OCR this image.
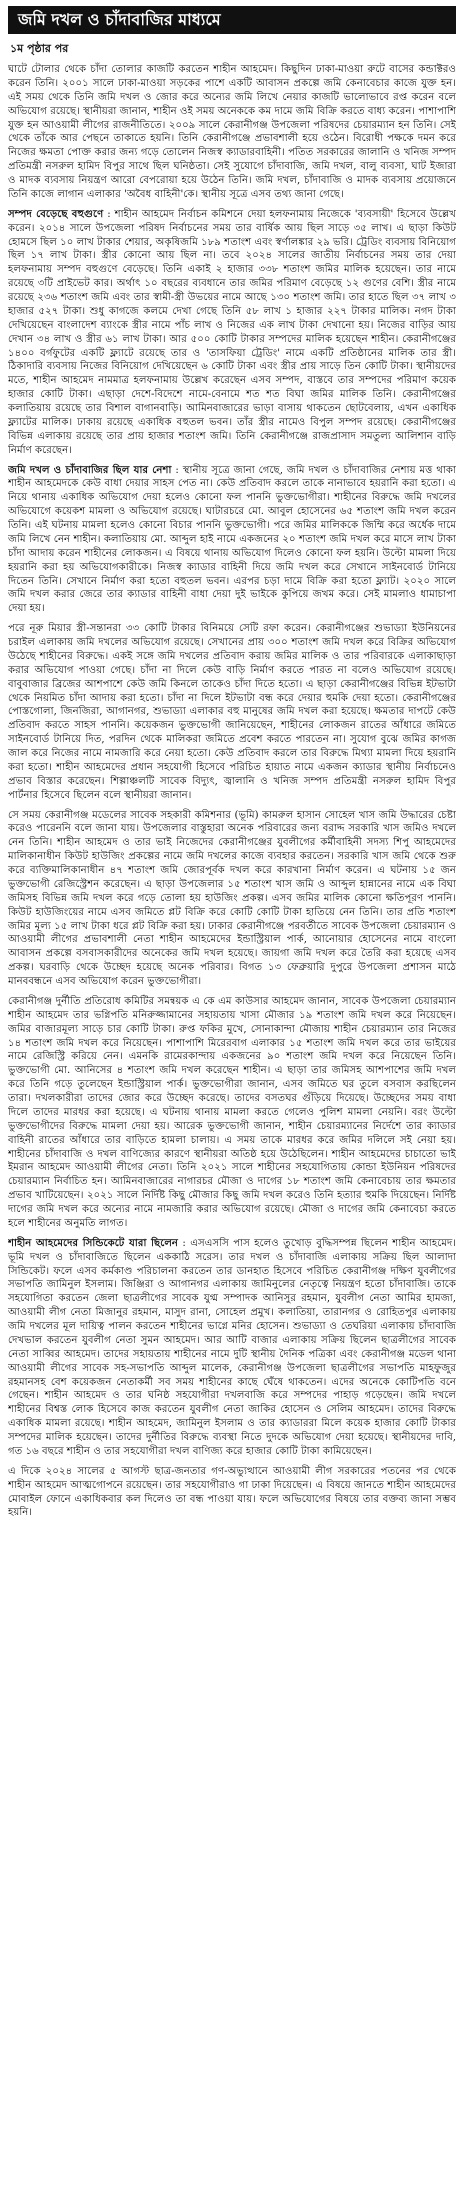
জমি দখল ও চাঁদাবাজির মাধ্যমে
১ম পৃষ্ঠার পর

ঘাটে টোলার থেকে চাঁদা তোলার কাজটি করতেন শাহীন আহমেদ। কিছুদিন ঢাকা-মাওয়া রুটে বাসের কন্ডাক্টরও করেন তিনি। ২০০১ সালে ঢাকা-মাওয়া সড়কের পাশে একটি আবাসন প্রকল্পে জমি কেনাবেচার কাজে যুক্ত হন। এই সময় থেকে তিনি জমি দখল ও জোর করে অন্যের জমি লিখে নেয়ার কাজটি ভালোভাবে রপ্ত করেন বলে অভিযোগ রয়েছে। স্থানীয়রা জানান, শাহীন ওই সময় অনেককে কম দামে জমি বিক্রি করতে বাধ্য করেন। পাশাপাশি যুক্ত হন আওয়ামী লীগের রাজনীতিতে। ২০০৯ সালে কেরানীগঞ্জ উপজেলা পরিষদের চেয়ারম্যান হন তিনি। সেই থেকে তাঁকে আর পেছনে তাকাতে হয়নি। তিনি কেরানীগঞ্জে প্রভাবশালী হয়ে ওঠেন। বিরোধী পক্ষকে দমন করে নিজের ক্ষমতা পোক্ত করার জন্য গড়ে তোলেন নিজস্ব ক্যাডারবাহিনী। পতিত সরকারের জালানি ও খনিজ সম্পদ প্রতিমন্ত্রী নসরুল হামিদ বিপুর সাথে ছিল ঘনিষ্ঠতা। সেই সুযোগে চাঁদাবাজি, জমি দখল, বালু ব্যবসা, ঘাট ইজারা ও মাদক ব্যবসায় নিয়ন্ত্রণ আরো বেপরোয়া হয়ে উঠেন তিনি। জমি দখল, চাঁদাবাজি ও মাদক ব্যবসায় প্রয়োজনে তিনি কাজে লাগান এলাকার 'অবৈধ বাহিনী'কে। স্থানীয় সূত্রে এসব তথ্য জানা গেছে।

সম্পদ বেড়েছে বহুগুণে : শাহীন আহমেদ নির্বাচন কমিশনে দেয়া হলফনামায় নিজেকে 'ব্যবসায়ী' হিসেবে উল্লেখ করেন। ২০১৪ সালে উপজেলা পরিষদ নির্বাচনের সময় তার বার্ষিক আয় ছিল সাড়ে ৩৫ লাখ। এ ছাড়া কিউট হোমসে ছিল ১০ লাখ টাকার শেয়ার, অকৃষিজমি ১৮৯ শতাংশ এবং স্বর্ণালঙ্কার ২৯ ভরি। ট্রেডিং ব্যবসায় বিনিয়োগ ছিল ১৭ লাখ টাকা। স্ত্রীর কোনো আয় ছিল না। তবে ২০২৪ সালের জাতীয় নির্বাচনের সময় তার দেয়া হলফনামায় সম্পদ বহুগুণে বেড়েছে। তিনি একাই ২ হাজার ৩৩৮ শতাংশ জমির মালিক হয়েছেন। তার নামে রয়েছে ৩টি প্রাইভেট কার। অর্থাৎ ১০ বছরের ব্যবধানে তার জমির পরিমাণ বেড়েছে ১২ গুণের বেশি। স্ত্রীর নামে রয়েছে ২৩৬ শতাংশ জমি এবং তার স্বামী-স্ত্রী উভয়ের নামে আছে ১৩০ শতাংশ জমি। তার হাতে ছিল ৩৭ লাখ ৩ হাজার ৫২৭ টাকা। শুধু কাগজে কলমে দেখা গেছে তিনি ৫৮ লাখ ১ হাজার ২২৭ টাকার মালিক। নগদ টাকা দেখিয়েছেন বাংলাদেশ ব্যাংকে স্ত্রীর নামে পাঁচ লাখ ও নিজের এক লাখ টাকা দেখানো হয়। নিজের বাড়ির আয় দেখান ৩৪ লাখ ও স্ত্রীর ৬১ লাখ টাকা। আর ৫০০ কোটি টাকার সম্পদের মালিক হয়েছেন শাহীন। কেরানীগঞ্জের ১৪০০ বর্গফুটের একটি ফ্ল্যাটে রয়েছে তার ও 'তাসফিয়া ট্রেডিং' নামে একটি প্রতিষ্ঠানের মালিক তার স্ত্রী। ঠিকাদারি ব্যবসায় নিজের বিনিয়োগ দেখিয়েছেন ৬ কোটি টাকা এবং স্ত্রীর প্রায় সাড়ে তিন কোটি টাকা। স্থানীয়দের মতে, শাহীন আহমেদ নামমাত্র হলফনামায় উল্লেখ করেছেন এসব সম্পদ, বাস্তবে তার সম্পদের পরিমাণ কয়েক হাজার কোটি টাকা। এছাড়া দেশে-বিদেশে নামে-বেনামে শত শত বিঘা জমির মালিক তিনি। কেরানীগঞ্জের কলাতিয়ায় রয়েছে তার বিশাল বাগানবাড়ি। আমিনবাজারের ভাড়া বাসায় থাকতেন ছোটবেলায়, এখন একাধিক ফ্ল্যাটের মালিক। ঢাকায় রয়েছে একাধিক বহুতল ভবন। তাঁর স্ত্রীর নামেও বিপুল সম্পদ রয়েছে। কেরানীগঞ্জের বিভিন্ন এলাকায় রয়েছে তার প্রায় হাজার শতাংশ জমি। তিনি কেরানীগঞ্জে রাজপ্রাসাদ সমতুল্য আলিশান বাড়ি নির্মাণ করেছেন।

জমি দখল ও চাঁদাবাজির ছিল যার নেশা : স্থানীয় সূত্রে জানা গেছে, জমি দখল ও চাঁদাবাজির নেশায় মত্ত থাকা শাহীন আহমেদকে কেউ বাধা দেয়ার সাহস পেত না। কেউ প্রতিবাদ করলে তাকে নানাভাবে হয়রানি করা হতো। এ নিয়ে থানায় একাধিক অভিযোগ দেয়া হলেও কোনো ফল পাননি ভুক্তভোগীরা। শাহীনের বিরুদ্ধে জমি দখলের অভিযোগে কয়েকশ মামলা ও অভিযোগ রয়েছে। ঘাটারচরে মো. আবুল হোসেনের ৬৫ শতাংশ জমি দখল করেন তিনি। এই ঘটনায় মামলা হলেও কোনো বিচার পাননি ভুক্তভোগী। পরে জমির মালিককে জিম্মি করে অর্ধেক দামে জমি লিখে নেন শাহীন। কলাতিয়ায় মো. আব্দুল হাই নামে একজনের ২০ শতাংশ জমি দখল করে মাসে লাখ টাকা চাঁদা আদায় করেন শাহীনের লোকজন। এ বিষয়ে থানায় অভিযোগ দিলেও কোনো ফল হয়নি। উল্টো মামলা দিয়ে হয়রানি করা হয় অভিযোগকারীকে। নিজস্ব ক্যাডার বাহিনী দিয়ে জমি দখল করে সেখানে সাইনবোর্ড টানিয়ে দিতেন তিনি। সেখানে নির্মাণ করা হতো বহুতল ভবন। এরপর চড়া দামে বিক্রি করা হতো ফ্ল্যাট। ২০২০ সালে জমি দখল করার জেরে তার ক্যাডার বাহিনী বাধা দেয়া দুই ভাইকে কুপিয়ে জখম করে। সেই মামলাও ধামাচাপা দেয়া হয়।

পরে নূরু মিয়ার স্ত্রী-সন্তানরা ৩৩ কোটি টাকার বিনিময়ে সেটি রফা করেন। কেরানীগঞ্জের শুভাড্যা ইউনিয়নের চরাইল এলাকায় জমি দখলের অভিযোগ রয়েছে। সেখানের প্রায় ৩০০ শতাংশ জমি দখল করে বিক্রির অভিযোগ উঠেছে শাহীনের বিরুদ্ধে। একই সঙ্গে জমি দখলের প্রতিবাদ করায় জমির মালিক ও তার পরিবারকে এলাকাছাড়া করার অভিযোগ পাওয়া গেছে। চাঁদা না দিলে কেউ বাড়ি নির্মাণ করতে পারত না বলেও অভিযোগ রয়েছে। বাবুবাজার ব্রিজের আশপাশে কেউ জমি কিনলে তাকেও চাঁদা দিতে হতো। এ ছাড়া কেরানীগঞ্জের বিভিন্ন ইটভাটা থেকে নিয়মিত চাঁদা আদায় করা হতো। চাঁদা না দিলে ইটভাটা বন্ধ করে দেয়ার হুমকি দেয়া হতো। কেরানীগঞ্জের পোস্তগোলা, জিনজিরা, আগানগর, শুভাড্যা এলাকার বহু মানুষের জমি দখল করা হয়েছে। ক্ষমতার দাপটে কেউ প্রতিবাদ করতে সাহস পাননি। কয়েকজন ভুক্তভোগী জানিয়েছেন, শাহীনের লোকজন রাতের আঁধারে জমিতে সাইনবোর্ড টানিয়ে দিত, পরদিন থেকে মালিকরা জমিতে প্রবেশ করতে পারতেন না। সুযোগ বুঝে জমির কাগজ জাল করে নিজের নামে নামজারি করে নেয়া হতো। কেউ প্রতিবাদ করলে তার বিরুদ্ধে মিথ্যা মামলা দিয়ে হয়রানি করা হতো। শাহীন আহমেদের প্রধান সহযোগী হিসেবে পরিচিত হায়াত নামে একজন ক্যাডার স্থানীয় নির্বাচনেও প্রভাব বিস্তার করেছেন। শিল্পাঞ্চলটি সাবেক বিদ্যুৎ, জ্বালানি ও খনিজ সম্পদ প্রতিমন্ত্রী নসরুল হামিদ বিপুর পার্টনার হিসেবে ছিলেন বলে স্থানীয়রা জানান।

সে সময় কেরানীগঞ্জ মডেলের সাবেক সহকারী কমিশনার (ভূমি) কামরুল হাসান সোহেল খাস জমি উদ্ধারের চেষ্টা করেও পারেননি বলে জানা যায়। উপজেলার বাস্তুহারা অনেক পরিবারের জন্য বরাদ্দ সরকারি খাস জমিও দখলে নেন তিনি। শাহীন আহমেদ ও তার ভাই নিজেদের কেরানীগঞ্জের যুবলীগের কর্মীবাহিনী সদস্য শিপু আহমেদের মালিকানাধীন কিউট হাউজিং প্রকল্পের নামে জমি দখলের কাজে ব্যবহার করতেন। সরকারি খাস জমি থেকে শুরু করে ব্যক্তিমালিকানাধীন ৪৭ শতাংশ জমি জোরপূর্বক দখল করে কারখানা নির্মাণ করেন। এ ঘটনায় ১৫ জন ভুক্তভোগী রেজিস্ট্রেশন করেছেন। এ ছাড়া উপজেলার ১৫ শতাংশ খাস জমি ও আব্দুল হান্নানের নামে এক বিঘা জমিসহ বিভিন্ন জমি দখল করে গড়ে তোলা হয় হাউজিং প্রকল্প। এসব জমির মালিক কোনো ক্ষতিপূরণ পাননি। কিউট হাউজিংয়ের নামে এসব জমিতে প্লট বিক্রি করে কোটি কোটি টাকা হাতিয়ে নেন তিনি। তার প্রতি শতাংশ জমির মূল্য ১৫ লাখ টাকা ধরে প্লট বিক্রি করা হয়। ঢাকার কেরানীগঞ্জে পরবর্তীতে সাবেক উপজেলা চেয়ারম্যান ও আওয়ামী লীগের প্রভাবশালী নেতা শাহীন আহমেদের ইন্ডাস্ট্রিয়াল পার্ক, আনোয়ার হোসেনের নামে বাংলো আবাসন প্রকল্পে বসবাসকারীদের অনেকের জমি দখল হয়েছে। জায়গা জমি দখল করে তৈরি করা হয়েছে এসব প্রকল্প। ঘরবাড়ি থেকে উচ্ছেদ হয়েছে অনেক পরিবার। বিগত ১৩ ফেব্রুয়ারি দুপুরে উপজেলা প্রশাসন মাঠে মানববন্ধনে এসব অভিযোগ করেন ভুক্তভোগীরা।

কেরানীগঞ্জ দুর্নীতি প্রতিরোধ কমিটির সমন্বয়ক এ কে এম কাউসার আহমেদ জানান, সাবেক উপজেলা চেয়ারম্যান শাহীন আহমেদ তার ভগ্নিপতি মনিরুজ্জামানের সহায়তায় খাসা মৌজার ১৯ শতাংশ জমি দখল করে নিয়েছেন। জমির বাজারমূল্য সাড়ে চার কোটি টাকা। রুপ্ত ফকির মুখে, সোনাকান্দা মৌজায় শাহীন চেয়ারম্যান তার নিজের ১৪ শতাংশ জমি দখল করে নিয়েছেন। পাশাপাশি মিরেরবাগ এলাকার ১৫ শতাংশ জমি দখল করে তার ভাইয়ের নামে রেজিস্ট্রি করিয়ে নেন। এমনকি রামেরকান্দায় একজনের ৯০ শতাংশ জমি দখল করে নিয়েছেন তিনি। ভুক্তভোগী মো. আনিসের ৪ শতাংশ জমি দখল করেছেন শাহীন। এ ছাড়া তার জমিসহ আশপাশের জমি দখল করে তিনি গড়ে তুলেছেন ইন্ডাস্ট্রিয়াল পার্ক। ভুক্তভোগীরা জানান, এসব জমিতে ঘর তুলে বসবাস করছিলেন তারা। দখলকারীরা তাদের জোর করে উচ্ছেদ করেছে। তাদের বসতঘর গুঁড়িয়ে দিয়েছে। উচ্ছেদের সময় বাধা দিলে তাদের মারধর করা হয়েছে। এ ঘটনায় থানায় মামলা করতে গেলেও পুলিশ মামলা নেয়নি। বরং উল্টো ভুক্তভোগীদের বিরুদ্ধে মামলা দেয়া হয়। আরেক ভুক্তভোগী জানান, শাহীন চেয়ারম্যানের নির্দেশে তার ক্যাডার বাহিনী রাতের আঁধারে তার বাড়িতে হামলা চালায়। এ সময় তাকে মারধর করে জমির দলিলে সই নেয়া হয়। শাহীনের চাঁদাবাজি ও দখল বাণিজ্যের কারণে স্থানীয়রা অতিষ্ঠ হয়ে উঠেছিলেন। শাহীন আহমেদের চাচাতো ভাই ইমরান আহমেদ আওয়ামী লীগের নেতা। তিনি ২০২১ সালে শাহীনের সহযোগিতায় কোন্ডা ইউনিয়ন পরিষদের চেয়ারম্যান নির্বাচিত হন। আমিনবাজারের নাগারচর মৌজা ও দাগের ১৮ শতাংশ জমি কেনাবেচায় তার ক্ষমতার প্রভাব খাটিয়েছেন। ২০২১ সালে নির্দিষ্ট কিছু মৌজার কিছু জমি দখল করেও তিনি হত্যার হুমকি দিয়েছেন। নির্দিষ্ট দাগের জমি দখল করে অন্যের নামে নামজারি করার অভিযোগ রয়েছে। মৌজা ও দাগের জমি কেনাবেচা করতে হলে শাহীনের অনুমতি লাগত।

শাহীন আহমেদের সিন্ডিকেটে যারা ছিলেন : এসএসসি পাস হলেও তুখোড় বুদ্ধিসম্পন্ন ছিলেন শাহীন আহমেদ। ভূমি দখল ও চাঁদাবাজিতে ছিলেন এককাঠি সরেস। তার দখল ও চাঁদাবাজি এলাকায় সক্রিয় ছিল আলাদা সিন্ডিকেট। ফলে এসব কর্মকাণ্ড পরিচালনা করতেন তার ডানহাত হিসেবে পরিচিত কেরানীগঞ্জ দক্ষিণ যুবলীগের সভাপতি জামিনুল ইসলাম। জিঞ্জিরা ও আগানগর এলাকায় জামিনুলের নেতৃত্বে নিয়ন্ত্রণ হতো চাঁদাবাজি। তাকে সহযোগিতা করতেন জেলা ছাত্রলীগের সাবেক যুগ্ম সম্পাদক আনিসুর রহমান, যুবলীগ নেতা আমির হামজা, আওয়ামী লীগ নেতা মিজানুর রহমান, মাসুদ রানা, সোহেল প্রমুখ। কলাতিয়া, তারানগর ও রোহিতপুর এলাকায় জমি দখলের মূল দায়িত্ব পালন করতেন শাহীনের ভাগ্নে মনির হোসেন। শুভাড্যা ও তেঘরিয়া এলাকায় চাঁদাবাজি দেখভাল করতেন যুবলীগ নেতা সুমন আহমেদ। আর আটি বাজার এলাকায় সক্রিয় ছিলেন ছাত্রলীগের সাবেক নেতা সাব্বির আহমেদ। তাদের সহায়তায় শাহীনের নামে দুটি স্থানীয় দৈনিক পত্রিকা এবং কেরানীগঞ্জ মডেল থানা আওয়ামী লীগের সাবেক সহ-সভাপতি আব্দুল মালেক, কেরানীগঞ্জ উপজেলা ছাত্রলীগের সভাপতি মাহফুজুর রহমানসহ বেশ কয়েকজন নেতাকর্মী সব সময় শাহীনের কাছে ঘেঁষে থাকতেন। এদের অনেকে কোটিপতি বনে গেছেন। শাহীন আহমেদ ও তার ঘনিষ্ঠ সহযোগীরা দখলবাজি করে সম্পদের পাহাড় গড়েছেন। জমি দখলে শাহীনের বিশ্বস্ত লোক হিসেবে কাজ করতেন যুবলীগ নেতা জাকির হোসেন ও সেলিম আহমেদ। তাদের বিরুদ্ধে একাধিক মামলা রয়েছে। শাহীন আহমেদ, জামিনুল ইসলাম ও তার ক্যাডাররা মিলে কয়েক হাজার কোটি টাকার সম্পদের মালিক হয়েছেন। তাদের দুর্নীতির বিরুদ্ধে ব্যবস্থা নিতে দুদকে অভিযোগ দেয়া হয়েছে। স্থানীয়দের দাবি, গত ১৬ বছরে শাহীন ও তার সহযোগীরা দখল বাণিজ্য করে হাজার কোটি টাকা কামিয়েছেন।

এ দিকে ২০২৪ সালের ৫ আগস্ট ছাত্র-জনতার গণ-অভ্যুত্থানে আওয়ামী লীগ সরকারের পতনের পর থেকে শাহীন আহমেদ আত্মগোপনে রয়েছেন। তার সহযোগীরাও গা ঢাকা দিয়েছেন। এ বিষয়ে জানতে শাহীন আহমেদের মোবাইল ফোনে একাধিকবার কল দিলেও তা বন্ধ পাওয়া যায়। ফলে অভিযোগের বিষয়ে তার বক্তব্য জানা সম্ভব হয়নি।
